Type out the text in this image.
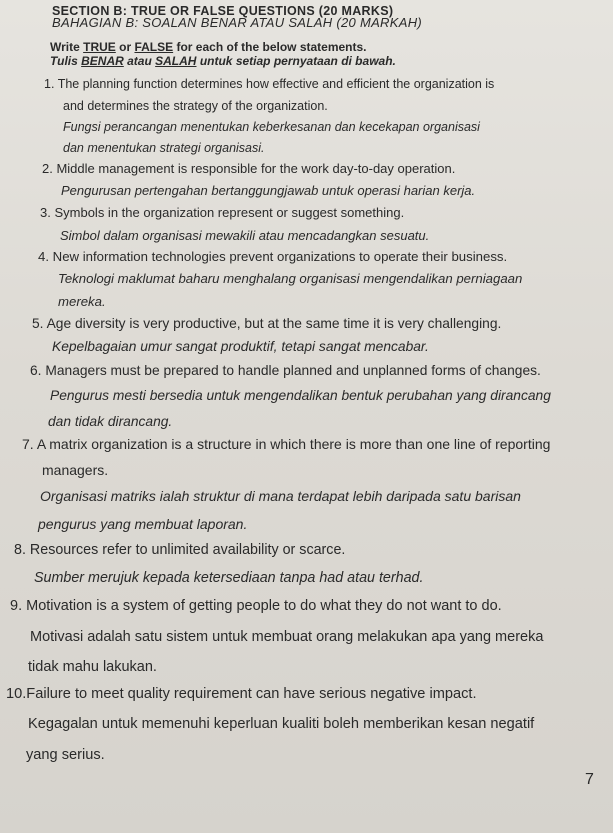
SECTION B: TRUE OR FALSE QUESTIONS (20 MARKS)
BAHAGIAN B: SOALAN BENAR ATAU SALAH (20 MARKAH)
Write TRUE or FALSE for each of the below statements.
Tulis BENAR atau SALAH untuk setiap pernyataan di bawah.
1. The planning function determines how effective and efficient the organization is
and determines the strategy of the organization.
Fungsi perancangan menentukan keberkesanan dan kecekapan organisasi
dan menentukan strategi organisasi.
2. Middle management is responsible for the work day-to-day operation.
Pengurusan pertengahan bertanggungjawab untuk operasi harian kerja.
3. Symbols in the organization represent or suggest something.
Simbol dalam organisasi mewakili atau mencadangkan sesuatu.
4. New information technologies prevent organizations to operate their business.
Teknologi maklumat baharu menghalang organisasi mengendalikan perniagaan
mereka.
5. Age diversity is very productive, but at the same time it is very challenging.
Kepelbagaian umur sangat produktif, tetapi sangat mencabar.
6. Managers must be prepared to handle planned and unplanned forms of changes.
Pengurus mesti bersedia untuk mengendalikan bentuk perubahan yang dirancang
dan tidak dirancang.
7. A matrix organization is a structure in which there is more than one line of reporting
managers.
Organisasi matriks ialah struktur di mana terdapat lebih daripada satu barisan
pengurus yang membuat laporan.
8. Resources refer to unlimited availability or scarce.
Sumber merujuk kepada ketersediaan tanpa had atau terhad.
9. Motivation is a system of getting people to do what they do not want to do.
Motivasi adalah satu sistem untuk membuat orang melakukan apa yang mereka
tidak mahu lakukan.
10.Failure to meet quality requirement can have serious negative impact.
Kegagalan untuk memenuhi keperluan kualiti boleh memberikan kesan negatif
yang serius.
7
